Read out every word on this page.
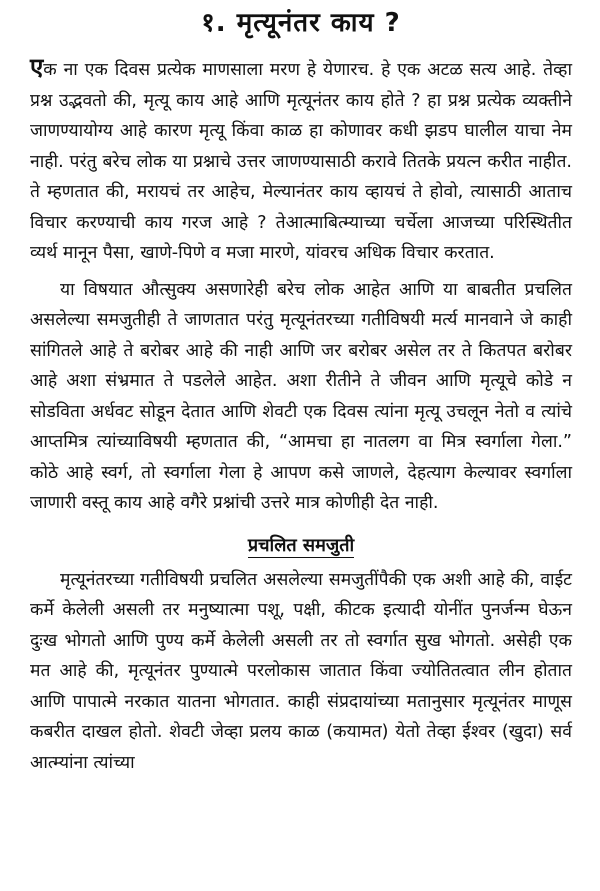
१. मृत्यूनंतर काय ?

एक ना एक दिवस प्रत्येक माणसाला मरण हे येणारच. हे एक अटळ सत्य आहे. तेव्हा प्रश्न उद्भवतो की, मृत्यू काय आहे आणि मृत्यूनंतर काय होते ? हा प्रश्न प्रत्येक व्यक्तीने जाणण्यायोग्य आहे कारण मृत्यू किंवा काळ हा कोणावर कधी झडप घालील याचा नेम नाही. परंतु बरेच लोक या प्रश्नाचे उत्तर जाणण्यासाठी करावे तितके प्रयत्न करीत नाहीत. ते म्हणतात की, मरायचं तर आहेच, मेल्यानंतर काय व्हायचं ते होवो, त्यासाठी आताच विचार करण्याची काय गरज आहे ? तेआत्माबित्म्याच्या चर्चेला आजच्या परिस्थितीत व्यर्थ मानून पैसा, खाणे-पिणे व मजा मारणे, यांवरच अधिक विचार करतात.

या विषयात औत्सुक्य असणारेही बरेच लोक आहेत आणि या बाबतीत प्रचलित असलेल्या समजुतीही ते जाणतात परंतु मृत्यूनंतरच्या गतीविषयी मर्त्य मानवाने जे काही सांगितले आहे ते बरोबर आहे की नाही आणि जर बरोबर असेल तर ते कितपत बरोबर आहे अशा संभ्रमात ते पडलेले आहेत. अशा रीतीने ते जीवन आणि मृत्यूचे कोडे न सोडविता अर्धवट सोडून देतात आणि शेवटी एक दिवस त्यांना मृत्यू उचलून नेतो व त्यांचे आप्तमित्र त्यांच्याविषयी म्हणतात की, “आमचा हा नातलग वा मित्र स्वर्गाला गेला.” कोठे आहे स्वर्ग, तो स्वर्गाला गेला हे आपण कसे जाणले, देहत्याग केल्यावर स्वर्गाला जाणारी वस्तू काय आहे वगैरे प्रश्नांची उत्तरे मात्र कोणीही देत नाही.

प्रचलित समजुती

मृत्यूनंतरच्या गतीविषयी प्रचलित असलेल्या समजुतींपैकी एक अशी आहे की, वाईट कर्मे केलेली असली तर मनुष्यात्मा पशू, पक्षी, कीटक इत्यादी योनींत पुनर्जन्म घेऊन दुःख भोगतो आणि पुण्य कर्मे केलेली असली तर तो स्वर्गात सुख भोगतो. असेही एक मत आहे की, मृत्यूनंतर पुण्यात्मे परलोकास जातात किंवा ज्योतितत्वात लीन होतात आणि पापात्मे नरकात यातना भोगतात. काही संप्रदायांच्या मतानुसार मृत्यूनंतर माणूस कबरीत दाखल होतो. शेवटी जेव्हा प्रलय काळ (कयामत) येतो तेव्हा ईश्वर (खुदा) सर्व आत्म्यांना त्यांच्या
